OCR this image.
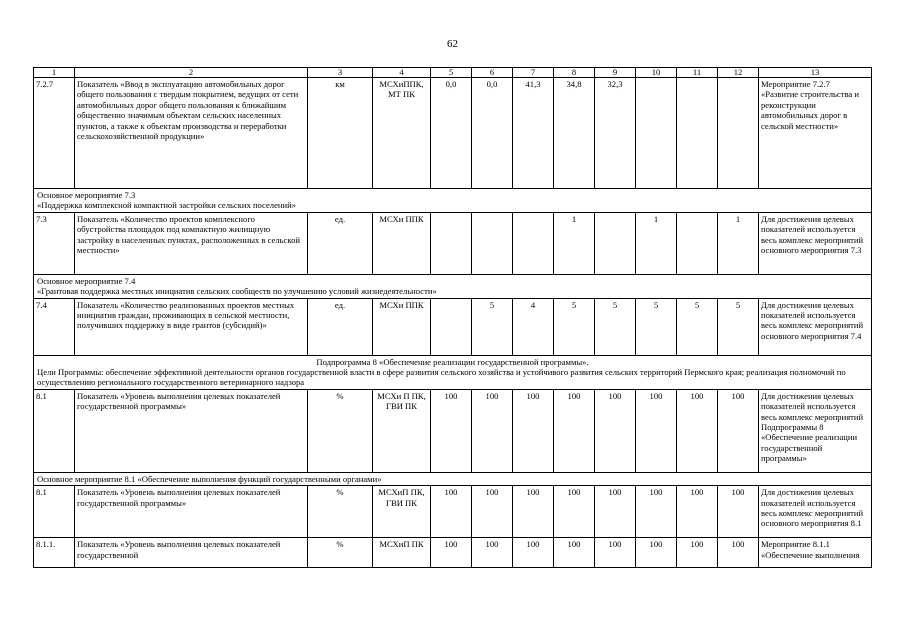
62
1	2	3	4	5	6	7	8	9	10	11	12	13
7.2.7	Показатель «Ввод в эксплуатацию автомобильных дорог общего пользования с твердым покрытием, ведущих от сети автомобильных дорог общего пользования к ближайшим общественно значимым объектам сельских населенных пунктов, а также к объектам производства и переработки сельскохозяйственной продукции»	км	МСХиППК, МТ ПК	0,0	0,0	41,3	34,8	32,3				Мероприятие 7.2.7 «Развитие строительства и реконструкции автомобильных дорог в сельской местности»

Основное мероприятие 7.3
«Поддержка комплексной компактной застройки сельских поселений»												

7.3	Показатель «Количество проектов комплексного обустройства площадок под компактную жилищную застройку в населенных пунктах, расположенных в сельской местности»	ед.	МСХи ППК				1		1		1	Для достижения целевых показателей используется весь комплекс мероприятий основного мероприятия 7.3

Основное мероприятие 7.4
«Грантовая поддержка местных инициатив сельских сообществ по улучшению условий жизнедеятельности»												

7.4	Показатель «Количество реализованных проектов местных инициатив граждан, проживающих в сельской местности, получивших поддержку в виде грантов (субсидий)»	ед.	МСХи ППК		5	4	5	5	5	5	5	Для достижения целевых показателей используется весь комплекс мероприятий основного мероприятия 7.4

Подпрограмма 8 «Обеспечение реализации государственной программы».
Цели Программы: обеспечение эффективной деятельности органов государственной власти в сфере развития сельского хозяйства и устойчивого развития сельских территорий Пермского края; реализация полномочий по осуществлению регионального государственного ветеринарного надзора												

8.1	Показатель «Уровень выполнения целевых показателей государственной программы»	%	МСХи П ПК, ГВИ ПК	100	100	100	100	100	100	100	100	Для достижения целевых показателей используется весь комплекс мероприятий Подпрограммы 8 «Обеспечение реализации государственной программы»
Основное мероприятие 8.1 «Обеспечение выполнения функций государственными органами»												
8.1	Показатель «Уровень выполнения целевых показателей государственной программы»	%	МСХиП ПК, ГВИ ПК	100	100	100	100	100	100	100	100	Для достижения целевых показателей используется весь комплекс мероприятий основного мероприятия 8.1
8.1.1.	Показатель «Уровень выполнения целевых показателей государственной	%	МСХиП ПК	100	100	100	100	100	100	100	100	Мероприятие 8.1.1 «Обеспечение выполнения
